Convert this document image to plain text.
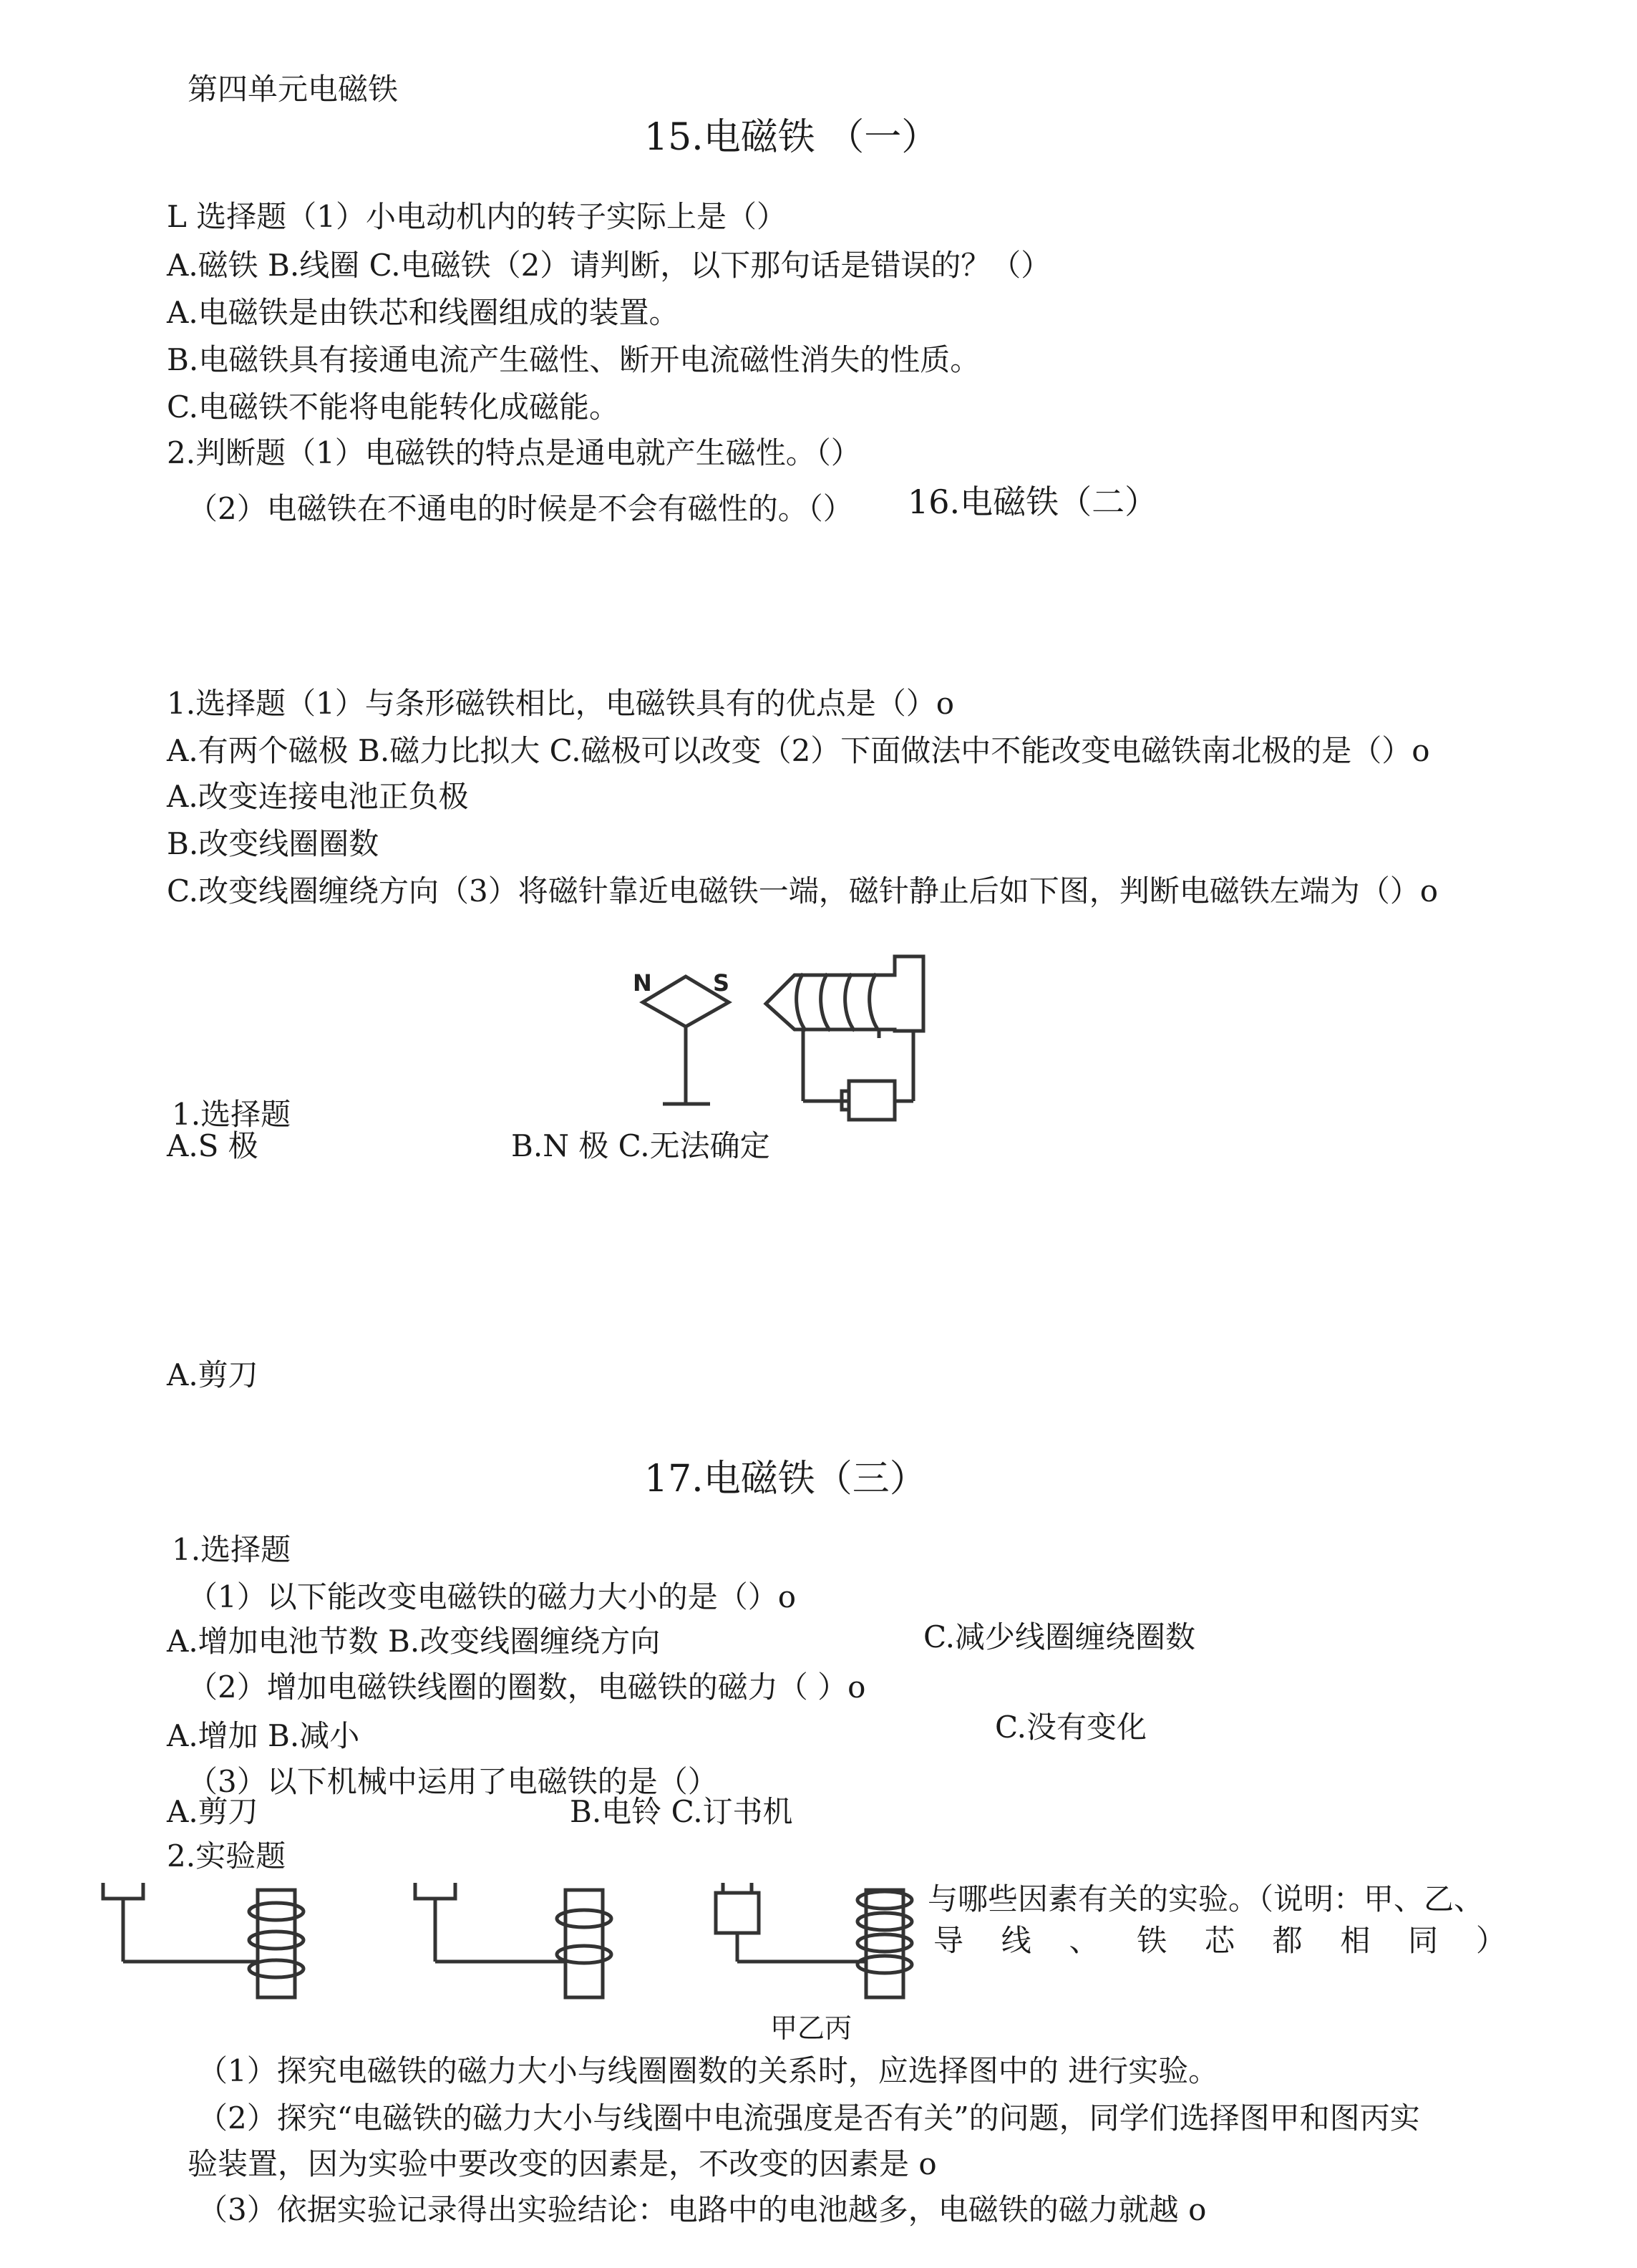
第四单元电磁铁
15.电磁铁 （一）
L 选择题（1）小电动机内的转子实际上是（）
A.磁铁 B.线圈 C.电磁铁（2）请判断，以下那句话是错误的？（）
A.电磁铁是由铁芯和线圈组成的装置。
B.电磁铁具有接通电流产生磁性、断开电流磁性消失的性质。
C.电磁铁不能将电能转化成磁能。
2.判断题（1）电磁铁的特点是通电就产生磁性。（）
（2）电磁铁在不通电的时候是不会有磁性的。（） 16.电磁铁（二）
1.选择题（1）与条形磁铁相比，电磁铁具有的优点是（）o
A.有两个磁极 B.磁力比拟大 C.磁极可以改变（2）下面做法中不能改变电磁铁南北极的是（）o
A.改变连接电池正负极
B.改变线圈圈数
C.改变线圈缠绕方向（3）将磁针靠近电磁铁一端，磁针静止后如下图，判断电磁铁左端为（）o
N	S
1.选择题
A.S 极	B.N 极 C.无法确定
A.剪刀
17.电磁铁（三）
1.选择题
（1）以下能改变电磁铁的磁力大小的是（）o
A.增加电池节数 B.改变线圈缠绕方向	C.减少线圈缠绕圈数
（2）增加电磁铁线圈的圈数，电磁铁的磁力（ ）o
A.增加 B.减小	C.没有变化
（3）以下机械中运用了电磁铁的是（）
A.剪刀	B.电铃 C.订书机
2.实验题
与哪些因素有关的实验。（说明：甲、乙、
导 线 、 铁 芯 都 相 同 ）
甲乙丙
（1）探究电磁铁的磁力大小与线圈圈数的关系时，应选择图中的 进行实验。
（2）探究“电磁铁的磁力大小与线圈中电流强度是否有关”的问题，同学们选择图甲和图丙实
验装置，因为实验中要改变的因素是，不改变的因素是 o
（3）依据实验记录得出实验结论：电路中的电池越多，电磁铁的磁力就越 o
